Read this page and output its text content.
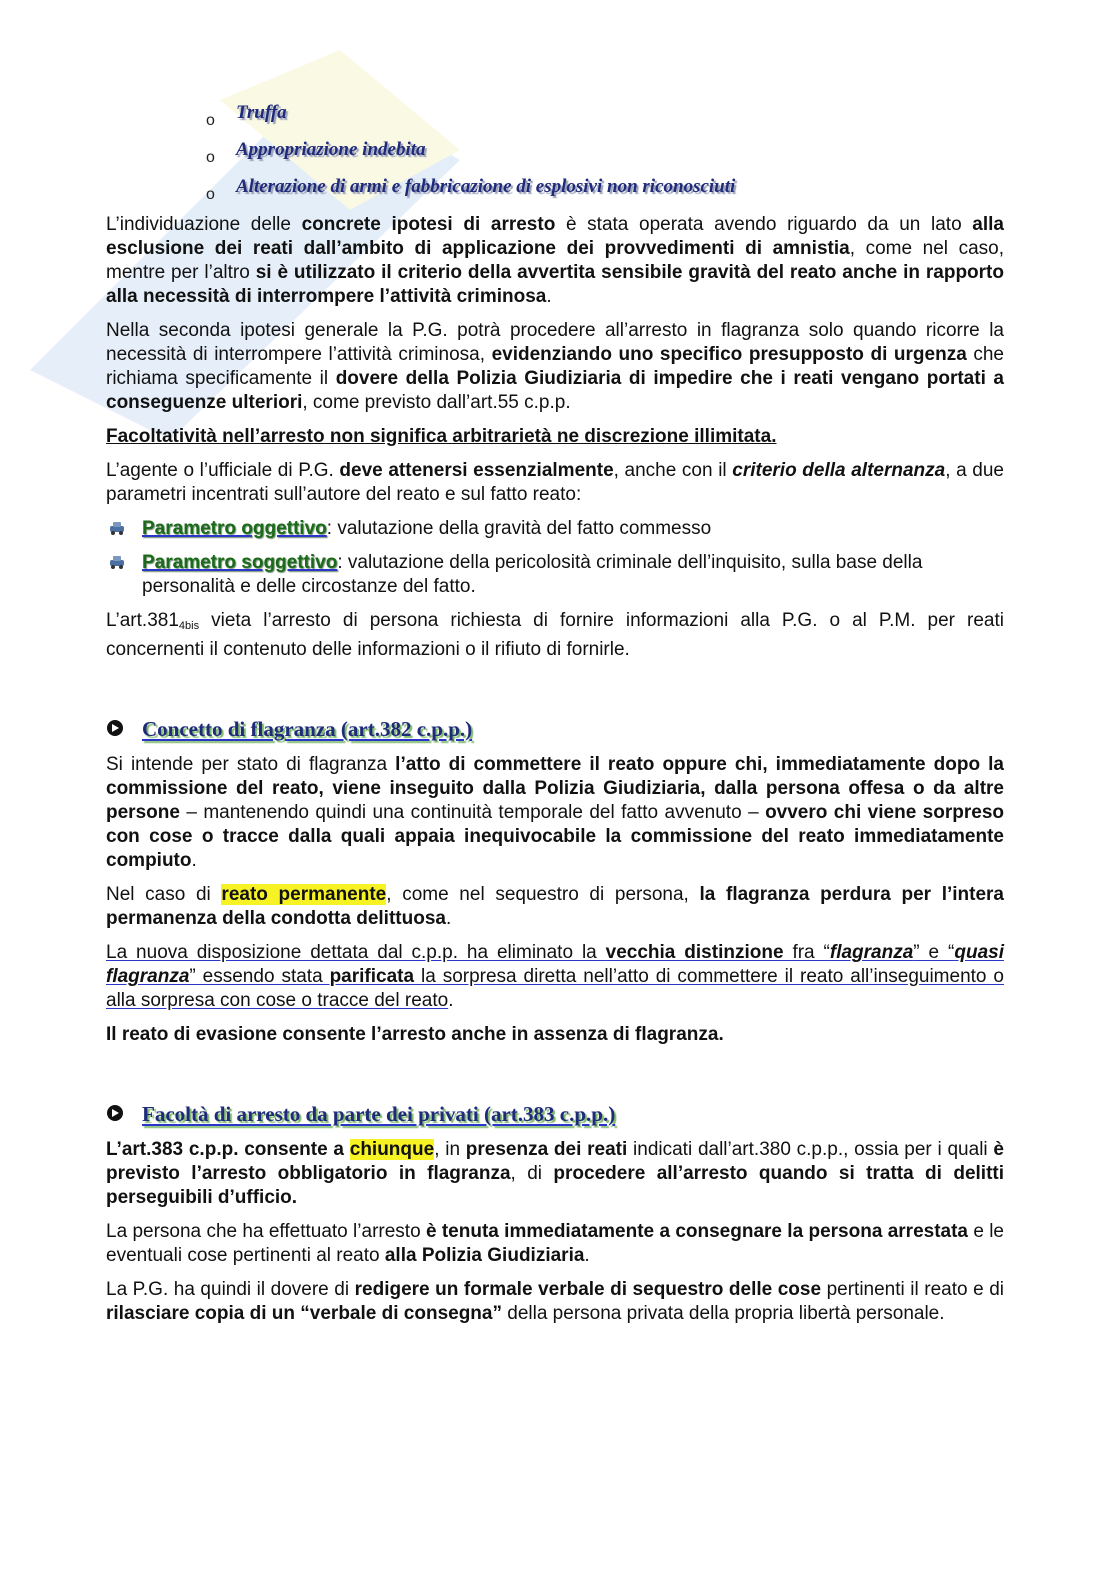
o Truffa
o Appropriazione indebita
o Alterazione di armi e fabbricazione di esplosivi non riconosciuti

L’individuazione delle concrete ipotesi di arresto è stata operata avendo riguardo da un lato alla esclusione dei reati dall’ambito di applicazione dei provvedimenti di amnistia, come nel caso, mentre per l’altro si è utilizzato il criterio della avvertita sensibile gravità del reato anche in rapporto alla necessità di interrompere l’attività criminosa.

Nella seconda ipotesi generale la P.G. potrà procedere all’arresto in flagranza solo quando ricorre la necessità di interrompere l’attività criminosa, evidenziando uno specifico presupposto di urgenza che richiama specificamente il dovere della Polizia Giudiziaria di impedire che i reati vengano portati a conseguenze ulteriori, come previsto dall’art.55 c.p.p.

Facoltatività nell’arresto non significa arbitrarietà ne discrezione illimitata.

L’agente o l’ufficiale di P.G. deve attenersi essenzialmente, anche con il criterio della alternanza, a due parametri incentrati sull’autore del reato e sul fatto reato:

Parametro oggettivo: valutazione della gravità del fatto commesso
Parametro soggettivo: valutazione della pericolosità criminale dell’inquisito, sulla base della personalità e delle circostanze del fatto.

$L’art.381_{4bis}$ vieta l’arresto di persona richiesta di fornire informazioni alla P.G. o al P.M. per reati concernenti il contenuto delle informazioni o il rifiuto di fornirle.

Concetto di flagranza (art.382 c.p.p.)

Si intende per stato di flagranza l’atto di commettere il reato oppure chi, immediatamente dopo la commissione del reato, viene inseguito dalla Polizia Giudiziaria, dalla persona offesa o da altre persone – mantenendo quindi una continuità temporale del fatto avvenuto – ovvero chi viene sorpreso con cose o tracce dalla quali appaia inequivocabile la commissione del reato immediatamente compiuto.

Nel caso di reato permanente, come nel sequestro di persona, la flagranza perdura per l’intera permanenza della condotta delittuosa.

La nuova disposizione dettata dal c.p.p. ha eliminato la vecchia distinzione fra “flagranza” e “quasi flagranza” essendo stata parificata la sorpresa diretta nell’atto di commettere il reato all’inseguimento o alla sorpresa con cose o tracce del reato.

Il reato di evasione consente l’arresto anche in assenza di flagranza.

Facoltà di arresto da parte dei privati (art.383 c.p.p.)

L’art.383 c.p.p. consente a chiunque, in presenza dei reati indicati dall’art.380 c.p.p., ossia per i quali è previsto l’arresto obbligatorio in flagranza, di procedere all’arresto quando si tratta di delitti perseguibili d’ufficio.

La persona che ha effettuato l’arresto è tenuta immediatamente a consegnare la persona arrestata e le eventuali cose pertinenti al reato alla Polizia Giudiziaria.

La P.G. ha quindi il dovere di redigere un formale verbale di sequestro delle cose pertinenti il reato e di rilasciare copia di un “verbale di consegna” della persona privata della propria libertà personale.
